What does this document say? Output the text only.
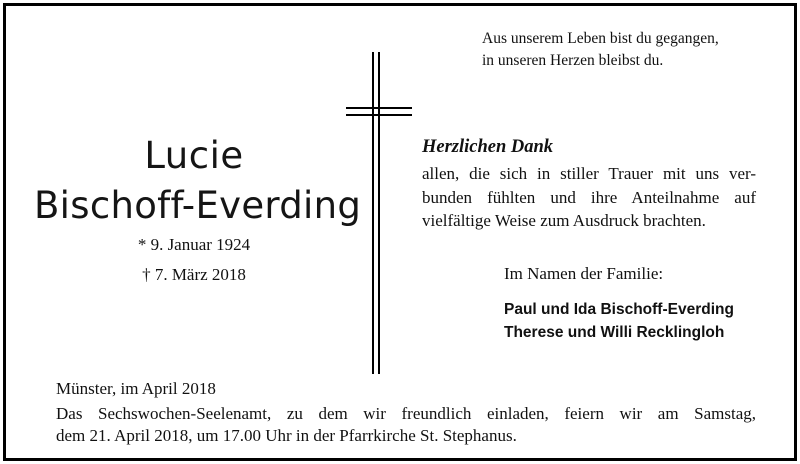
Aus unserem Leben bist du gegangen,
in unseren Herzen bleibst du.
Lucie
Bischoff-Everding
* 9. Januar 1924
† 7. März 2018
Herzlichen Dank
allen, die sich in stiller Trauer mit uns ver-
bunden fühlten und ihre Anteilnahme auf
vielfältige Weise zum Ausdruck brachten.
Im Namen der Familie:
Paul und Ida Bischoff-Everding
Therese und Willi Recklingloh
Münster, im April 2018
Das Sechswochen-Seelenamt, zu dem wir freundlich einladen, feiern wir am Samstag,
dem 21. April 2018, um 17.00 Uhr in der Pfarrkirche St. Stephanus.
